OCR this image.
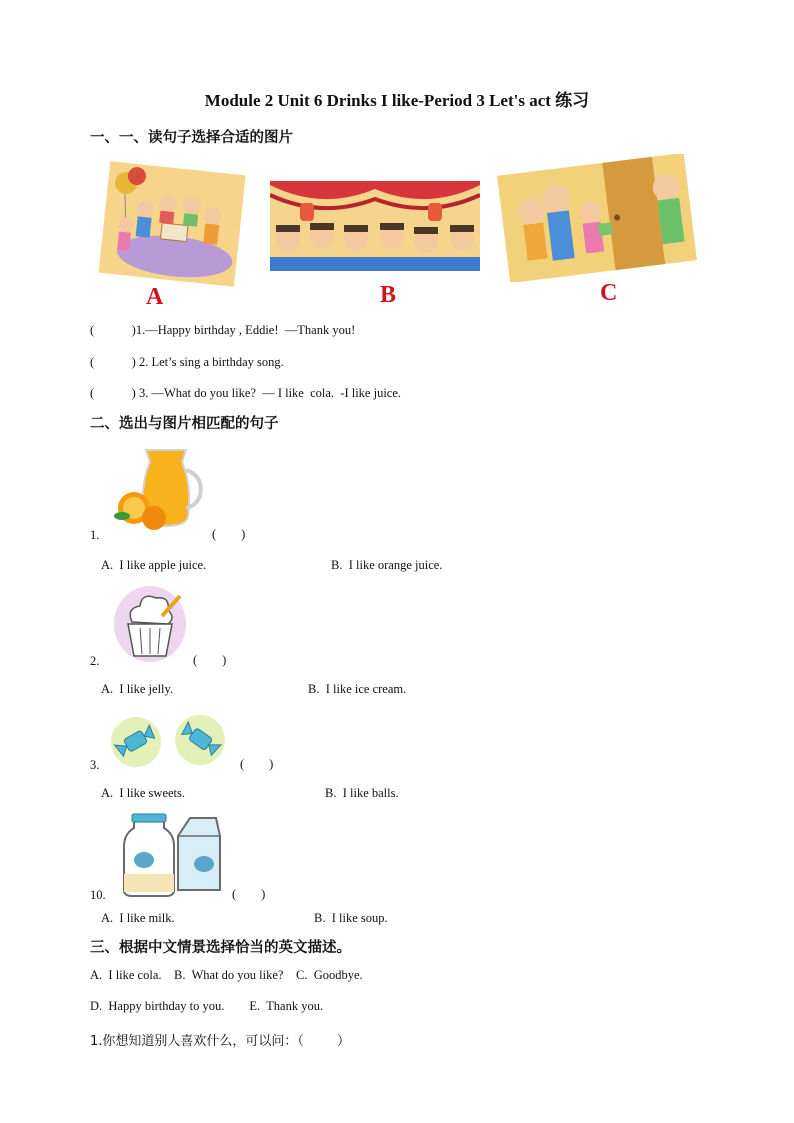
Module 2 Unit 6 Drinks I like-Period 3 Let's act 练习
一、一、读句子选择合适的图片
A	B	C
(            )1.—Happy birthday , Eddie!  —Thank you!
(            ) 2. Let’s sing a birthday song.
(            ) 3. —What do you like?  — I like  cola.  -I like juice.
二、选出与图片相匹配的句子
1.	(        )
A.  I like apple juice.	B.  I like orange juice.
2.	(        )
A.  I like jelly.	B.  I like ice cream.
3.	(        )
A.  I like sweets.	B.  I like balls.
10.	(        )
A.  I like milk.	B.  I like soup.
三、根据中文情景选择恰当的英文描述。
A.  I like cola.    B.  What do you like?    C.  Goodbye.
D.  Happy birthday to you.        E.  Thank you.
1.你想知道别人喜欢什么，可以问：（        ）
